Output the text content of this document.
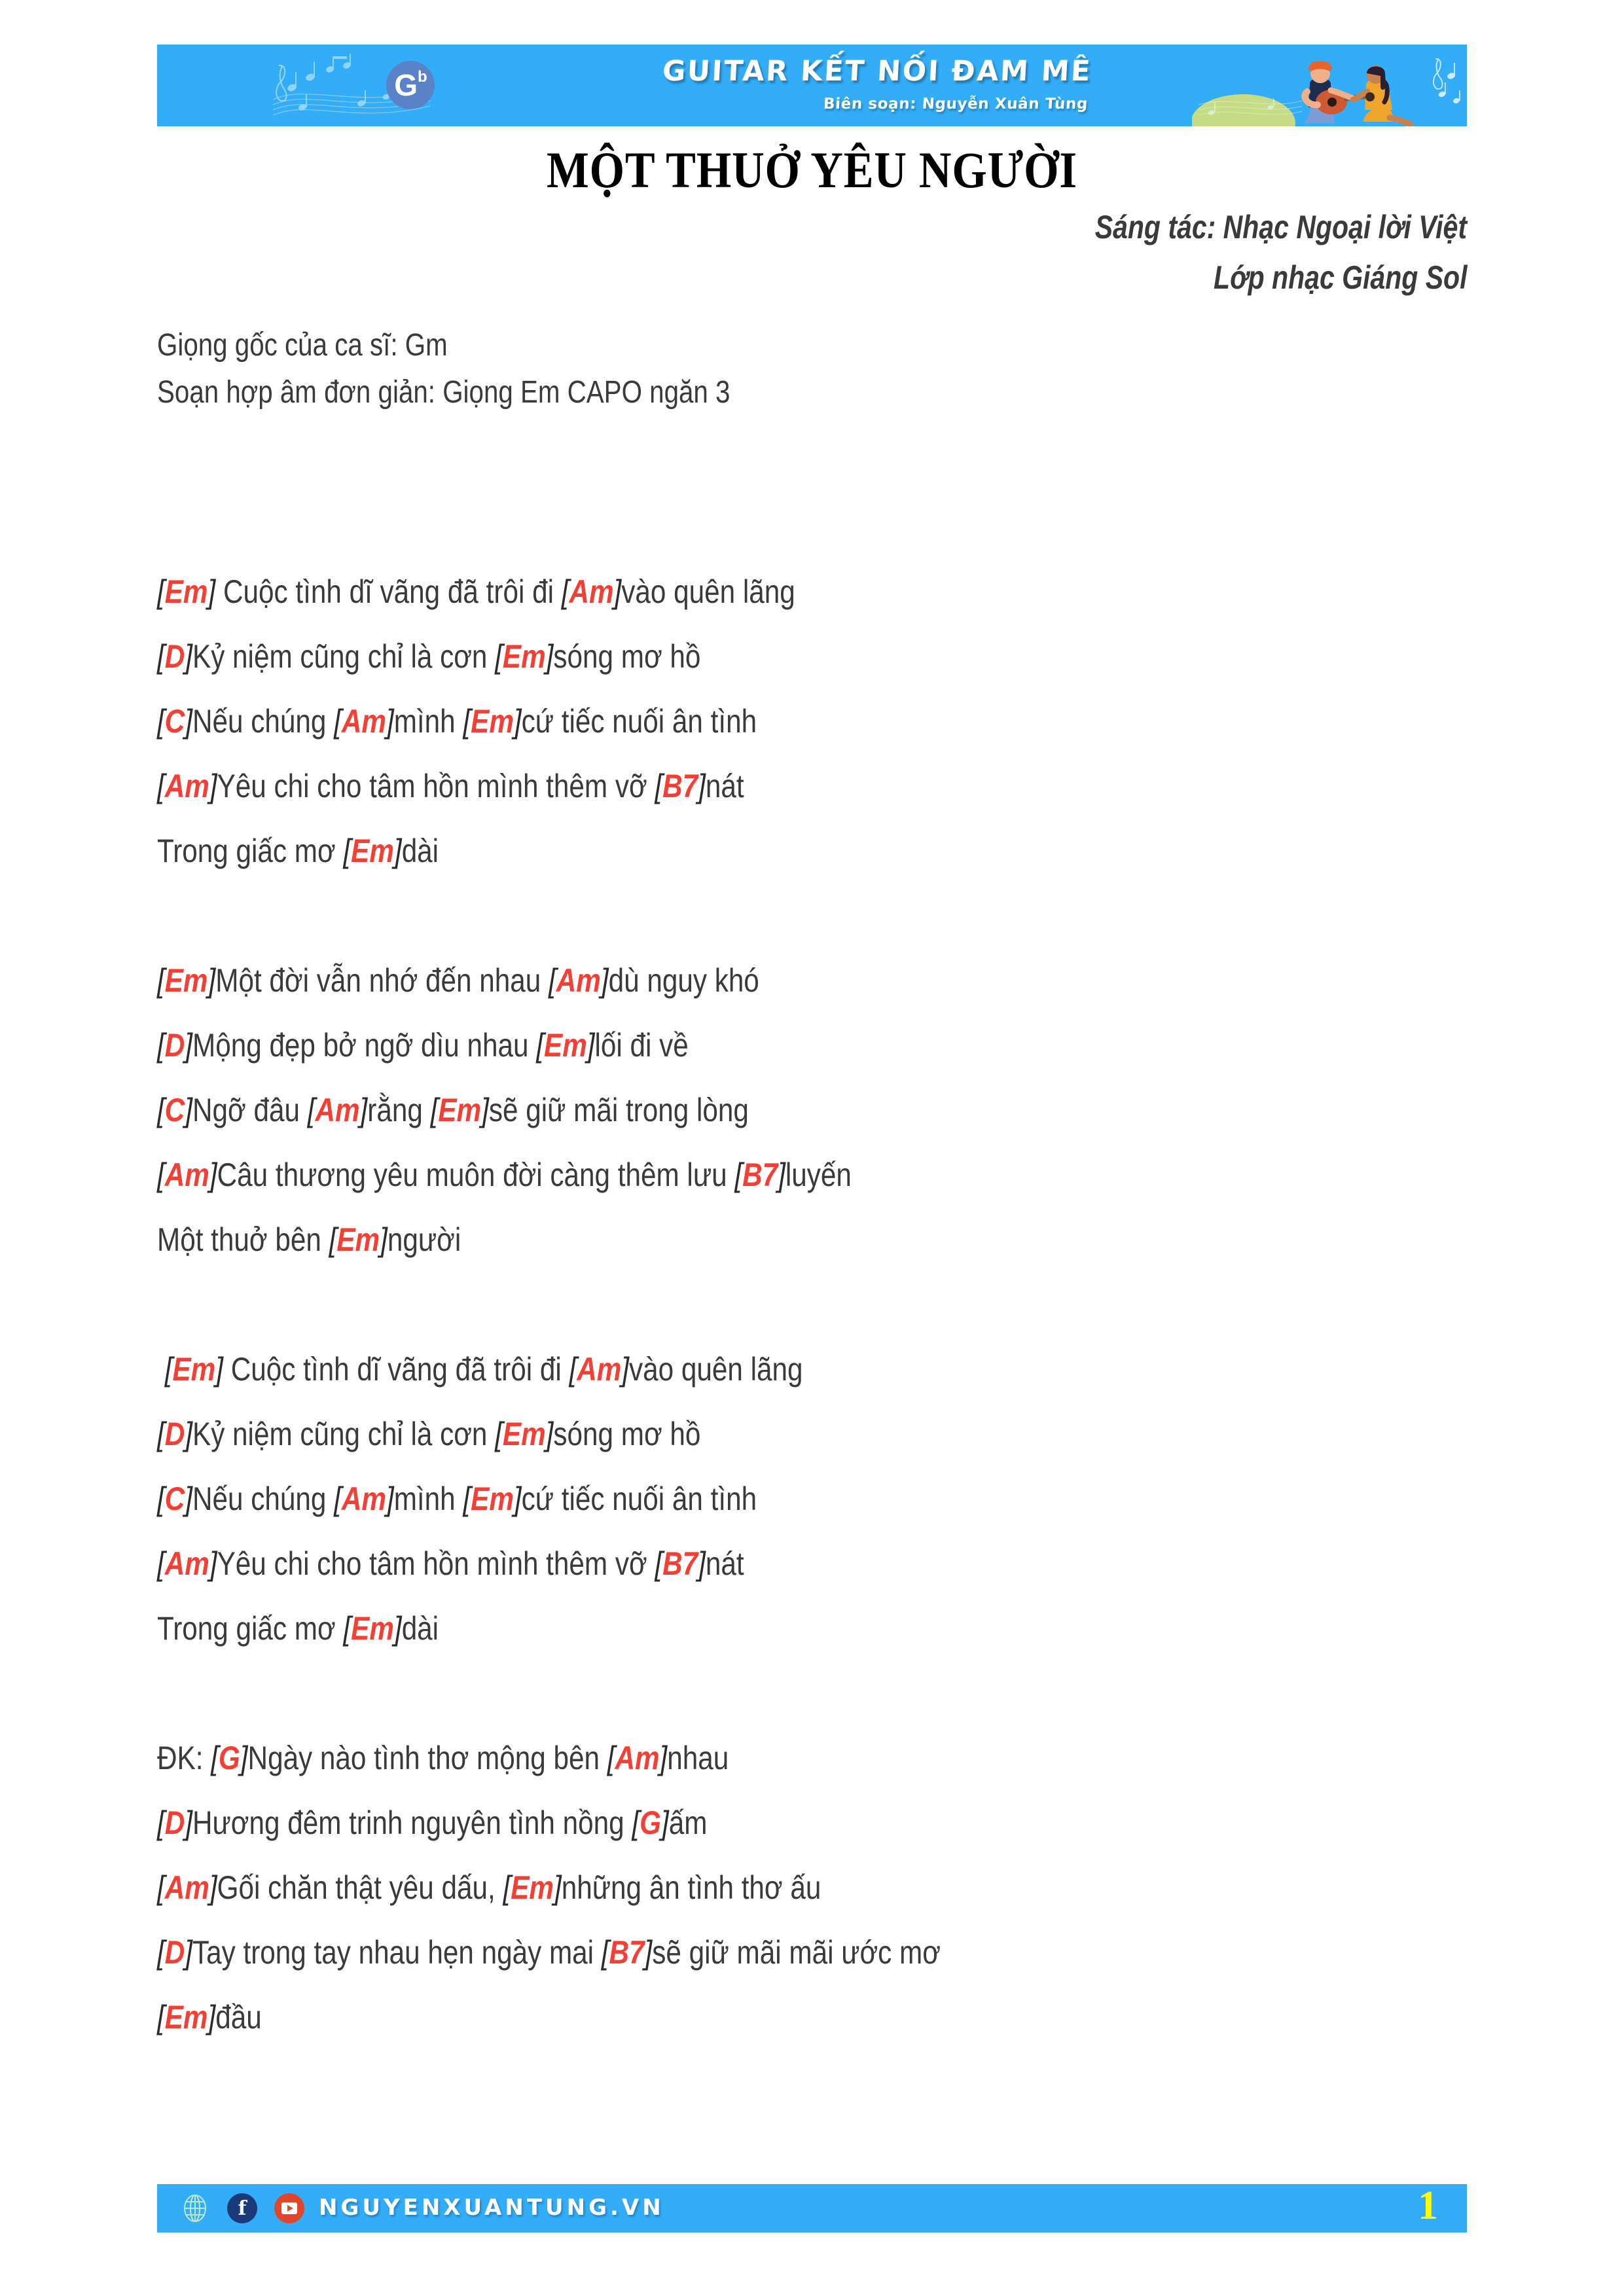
G b	GUITAR KẾT NỐI ĐAM MÊ
Biên soạn: Nguyễn Xuân Tùng
MỘT THUỞ YÊU NGƯỜI
Sáng tác: Nhạc Ngoại lời Việt
Lớp nhạc Giáng Sol
Giọng gốc của ca sĩ: Gm
Soạn hợp âm đơn giản: Giọng Em CAPO ngăn 3
[Em] Cuộc tình dĩ vãng đã trôi đi [Am]vào quên lãng
[D]Kỷ niệm cũng chỉ là cơn [Em]sóng mơ hồ
[C]Nếu chúng [Am]mình [Em]cứ tiếc nuối ân tình
[Am]Yêu chi cho tâm hồn mình thêm vỡ [B7]nát
Trong giấc mơ [Em]dài
[Em]Một đời vẫn nhớ đến nhau [Am]dù nguy khó
[D]Mộng đẹp bở ngỡ dìu nhau [Em]lối đi về
[C]Ngỡ đâu [Am]rằng [Em]sẽ giữ mãi trong lòng
[Am]Câu thương yêu muôn đời càng thêm lưu [B7]luyến
Một thuở bên [Em]người
[Em] Cuộc tình dĩ vãng đã trôi đi [Am]vào quên lãng
[D]Kỷ niệm cũng chỉ là cơn [Em]sóng mơ hồ
[C]Nếu chúng [Am]mình [Em]cứ tiếc nuối ân tình
[Am]Yêu chi cho tâm hồn mình thêm vỡ [B7]nát
Trong giấc mơ [Em]dài
ĐK: [G]Ngày nào tình thơ mộng bên [Am]nhau
[D]Hương đêm trinh nguyên tình nồng [G]ấm
[Am]Gối chăn thật yêu dấu, [Em]những ân tình thơ ấu
[D]Tay trong tay nhau hẹn ngày mai [B7]sẽ giữ mãi mãi ước mơ
[Em]đầu
f	NGUYENXUANTUNG.VN	1
